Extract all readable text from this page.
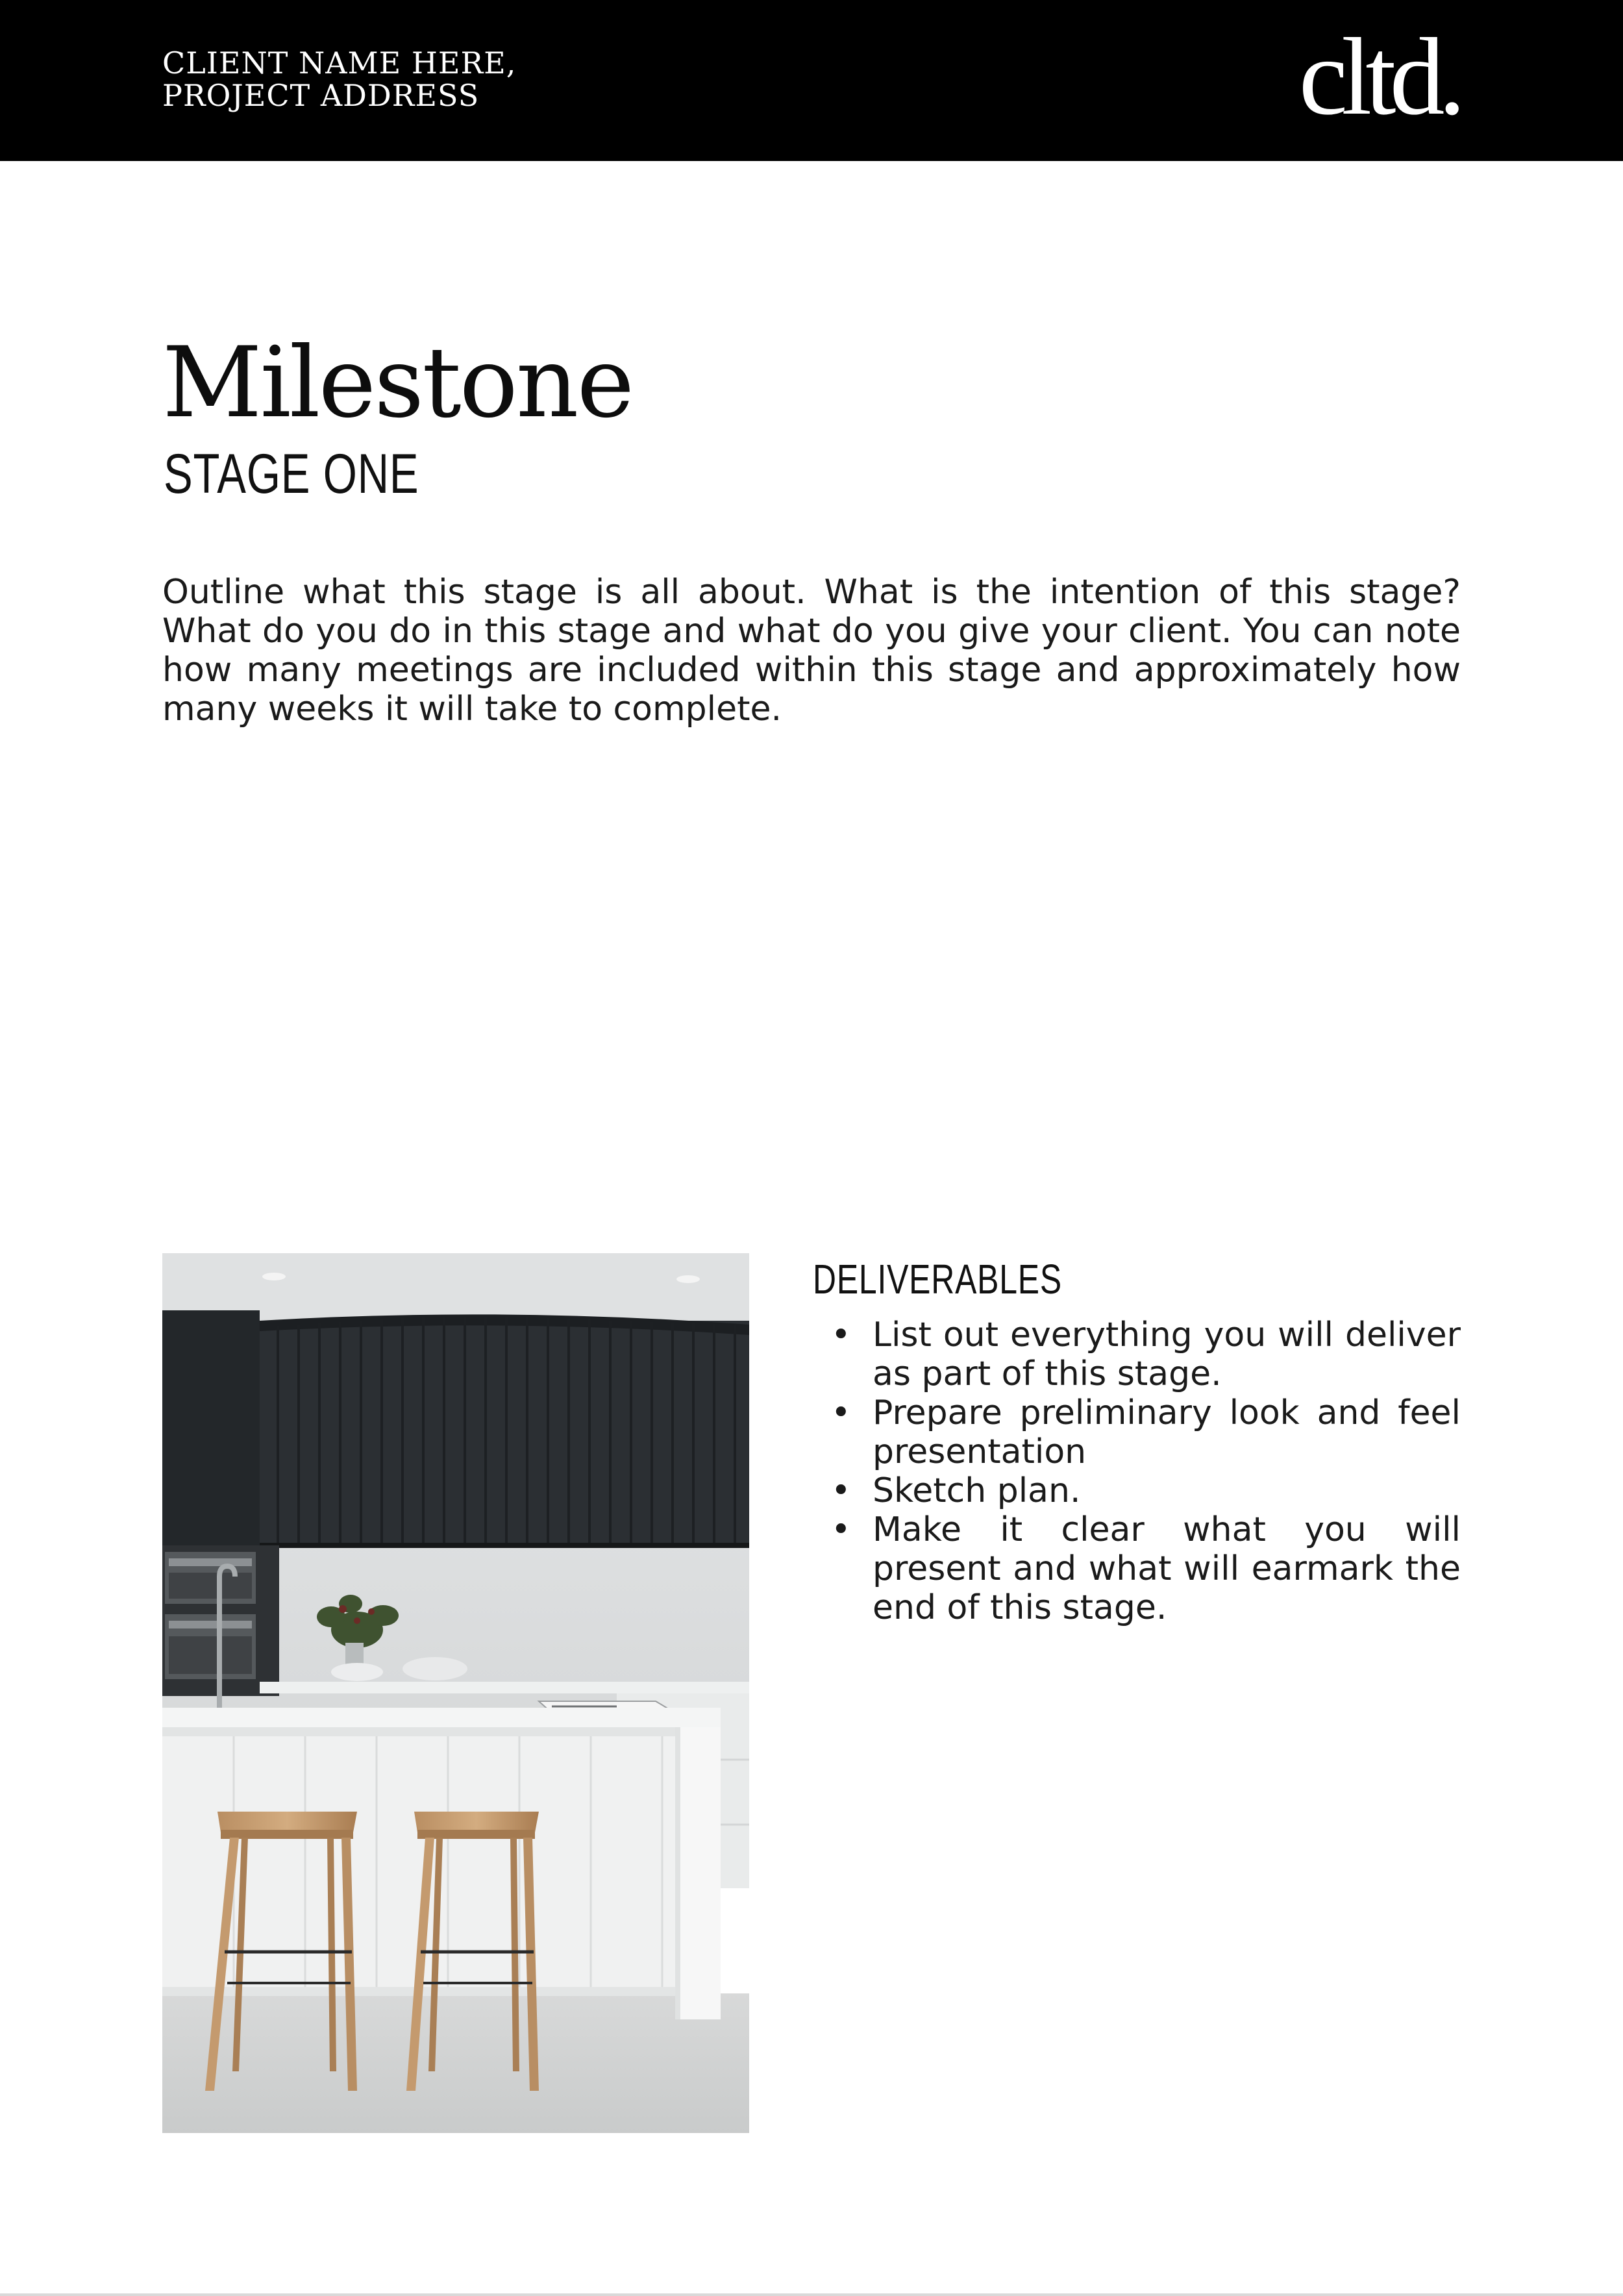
CLIENT NAME HERE,
PROJECT ADDRESS	cltd.
Milestone
STAGE ONE

Outline what this stage is all about. What is the intention of this stage? What do you do in this stage and what do you give your client. You can note how many meetings are included within this stage and approximately how many weeks it will take to complete.

DELIVERABLES
• List out everything you will deliver as part of this stage.
• Prepare preliminary look and feel presentation
• Sketch plan.
• Make it clear what you will present and what will earmark the end of this stage.
